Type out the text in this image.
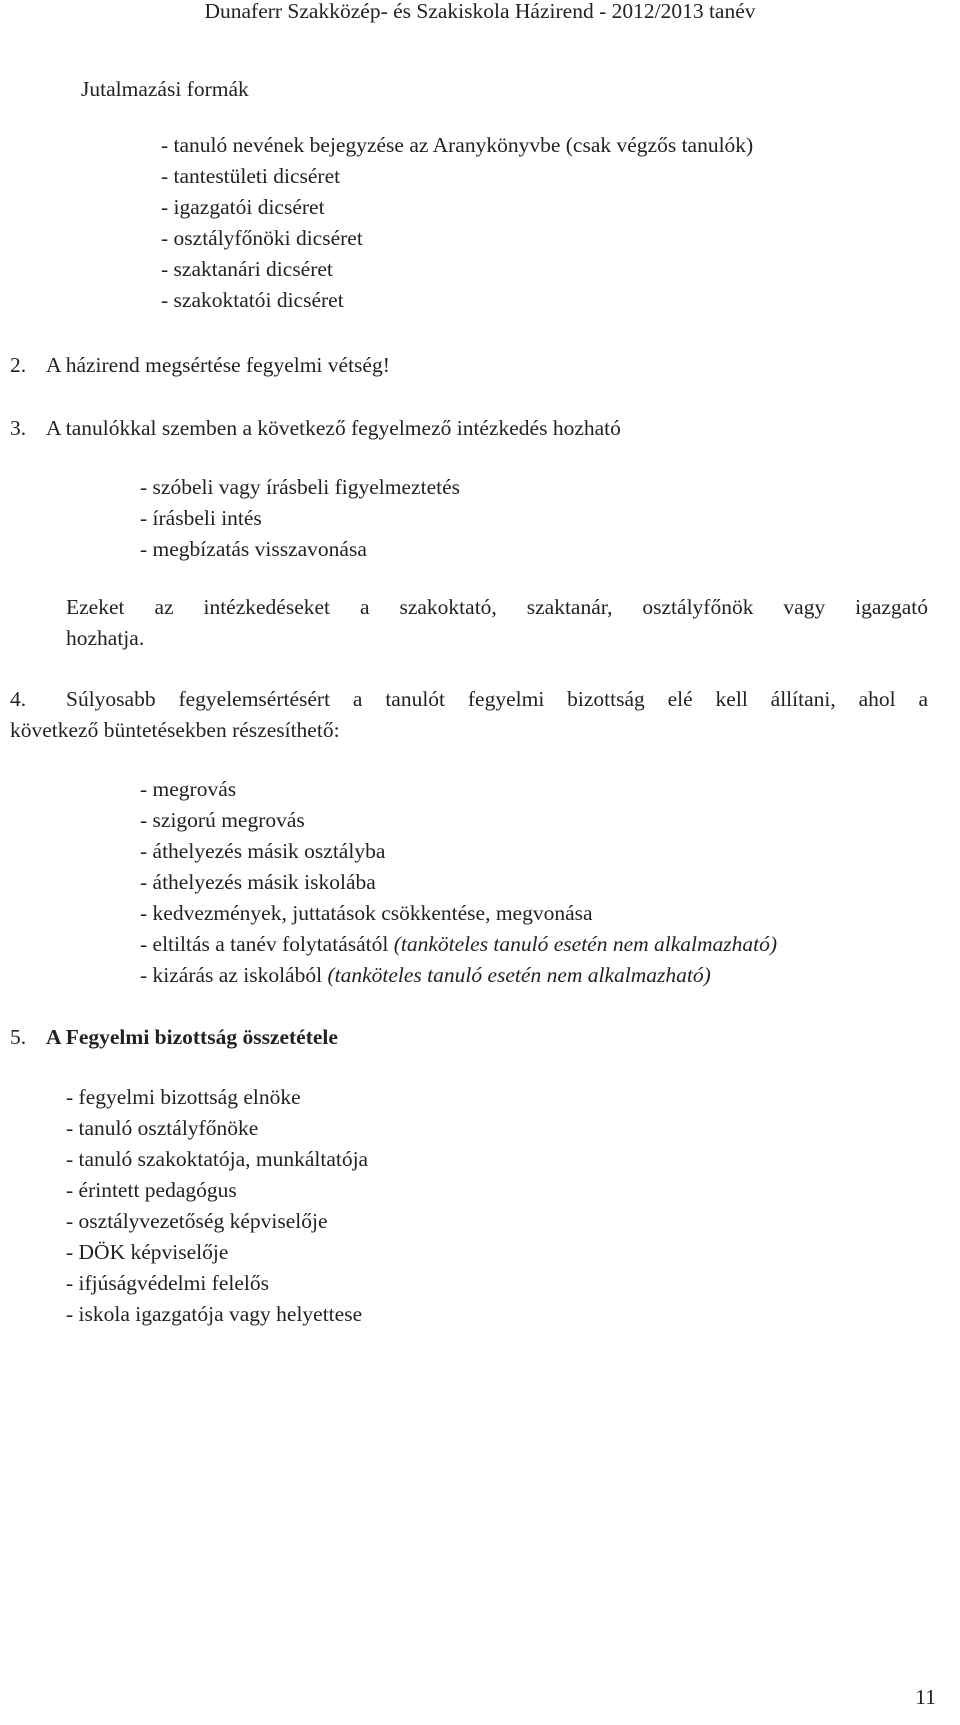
Dunaferr Szakközép- és Szakiskola Házirend - 2012/2013 tanév
Jutalmazási formák
- tanuló nevének bejegyzése az Aranykönyvbe (csak végzős tanulók)
- tantestületi dicséret
- igazgatói dicséret
- osztályfőnöki dicséret
- szaktanári dicséret
- szakoktatói dicséret
2. A házirend megsértése fegyelmi vétség!
3. A tanulókkal szemben a következő fegyelmező intézkedés hozható
- szóbeli vagy írásbeli figyelmeztetés
- írásbeli intés
- megbízatás visszavonása
Ezeket az intézkedéseket a szakoktató, szaktanár, osztályfőnök vagy igazgató
hozhatja.
4. Súlyosabb fegyelemsértésért a tanulót fegyelmi bizottság elé kell állítani, ahol a
következő büntetésekben részesíthető:
- megrovás
- szigorú megrovás
- áthelyezés másik osztályba
- áthelyezés másik iskolába
- kedvezmények, juttatások csökkentése, megvonása
- eltiltás a tanév folytatásától (tanköteles tanuló esetén nem alkalmazható)
- kizárás az iskolából (tanköteles tanuló esetén nem alkalmazható)
5. A Fegyelmi bizottság összetétele
- fegyelmi bizottság elnöke
- tanuló osztályfőnöke
- tanuló szakoktatója, munkáltatója
- érintett pedagógus
- osztályvezetőség képviselője
- DÖK képviselője
- ifjúságvédelmi felelős
- iskola igazgatója vagy helyettese
11
